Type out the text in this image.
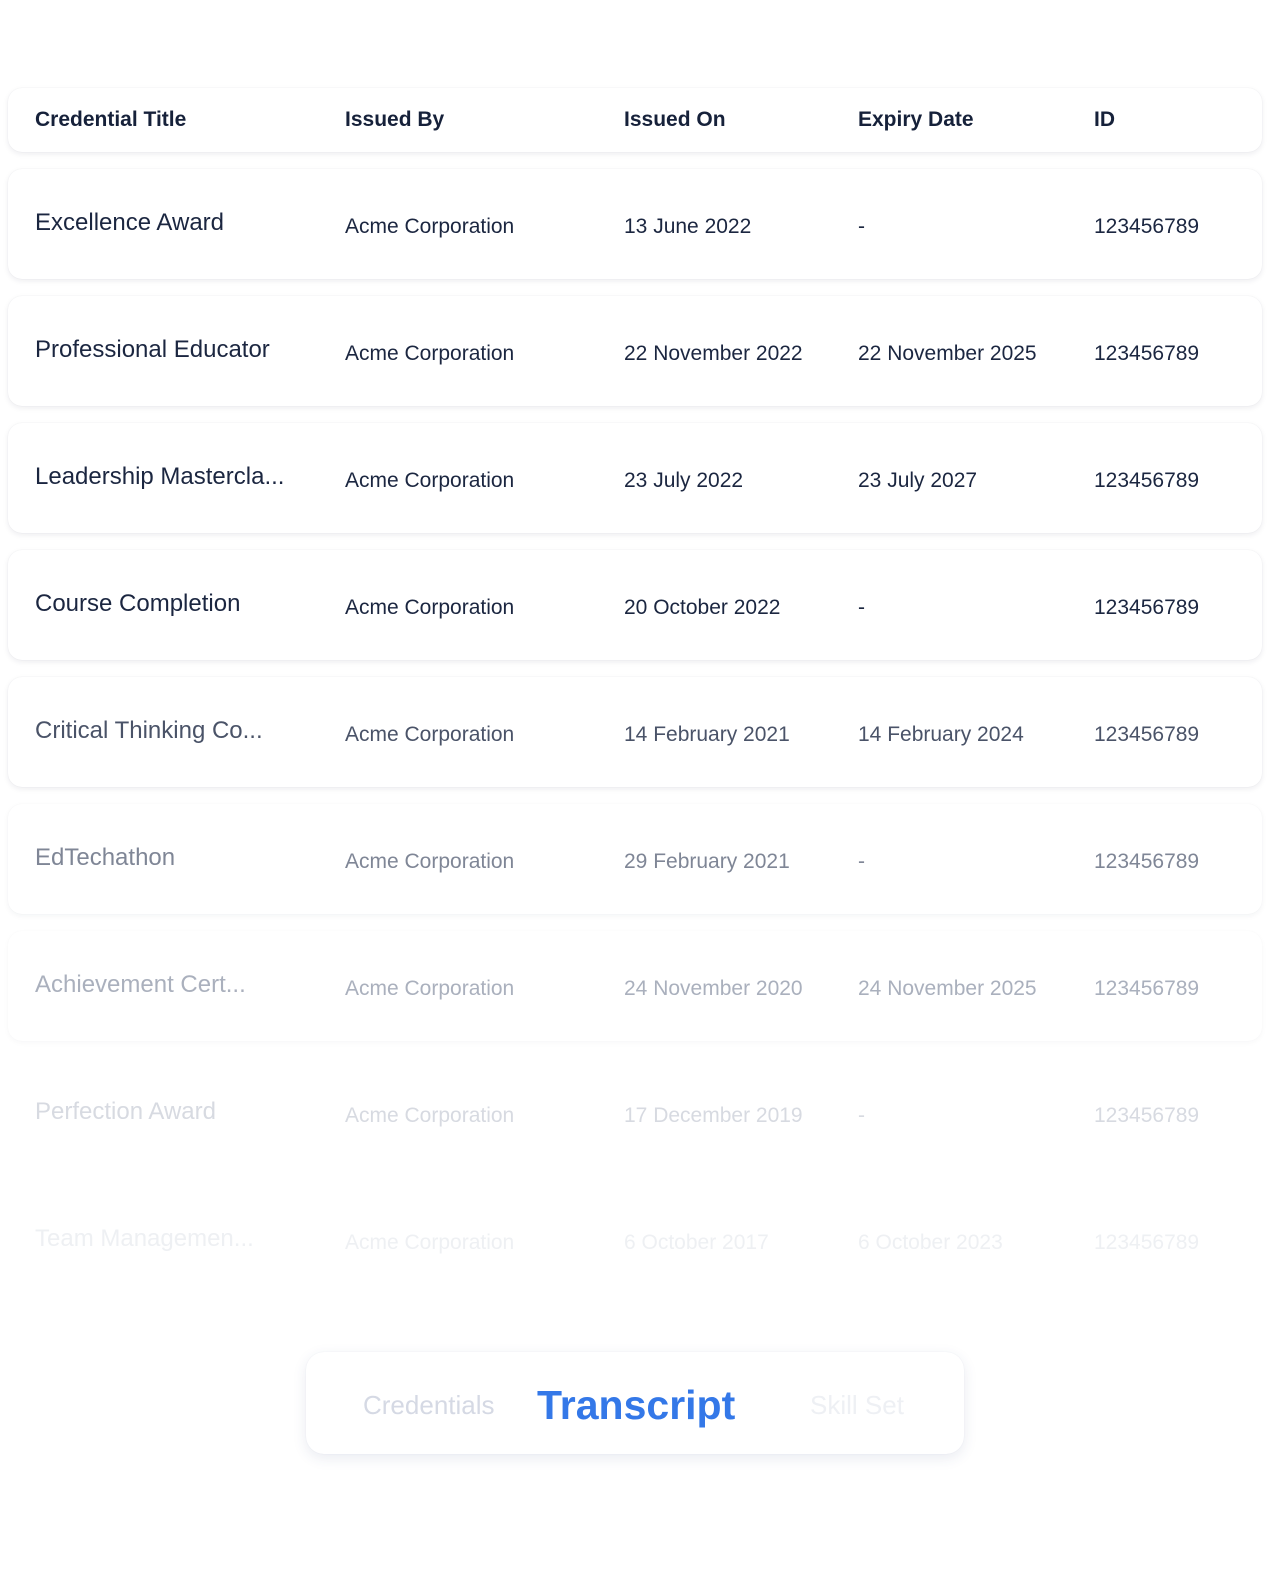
Credential Title	Issued By	Issued On	Expiry Date	ID
Excellence Award	Acme Corporation	13 June 2022	-	123456789
Professional Educator	Acme Corporation	22 November 2022	22 November 2025	123456789
Leadership Mastercla...	Acme Corporation	23 July 2022	23 July 2027	123456789
Course Completion	Acme Corporation	20 October 2022	-	123456789
Critical Thinking Co...	Acme Corporation	14 February 2021	14 February 2024	123456789
EdTechathon	Acme Corporation	29 February 2021	-	123456789
Achievement Cert...	Acme Corporation	24 November 2020	24 November 2025	123456789
Perfection Award	Acme Corporation	17 December 2019	-	123456789
Team Managemen...	Acme Corporation	6 October 2017	6 October 2023	123456789
Credentials Transcript	Skill Set
